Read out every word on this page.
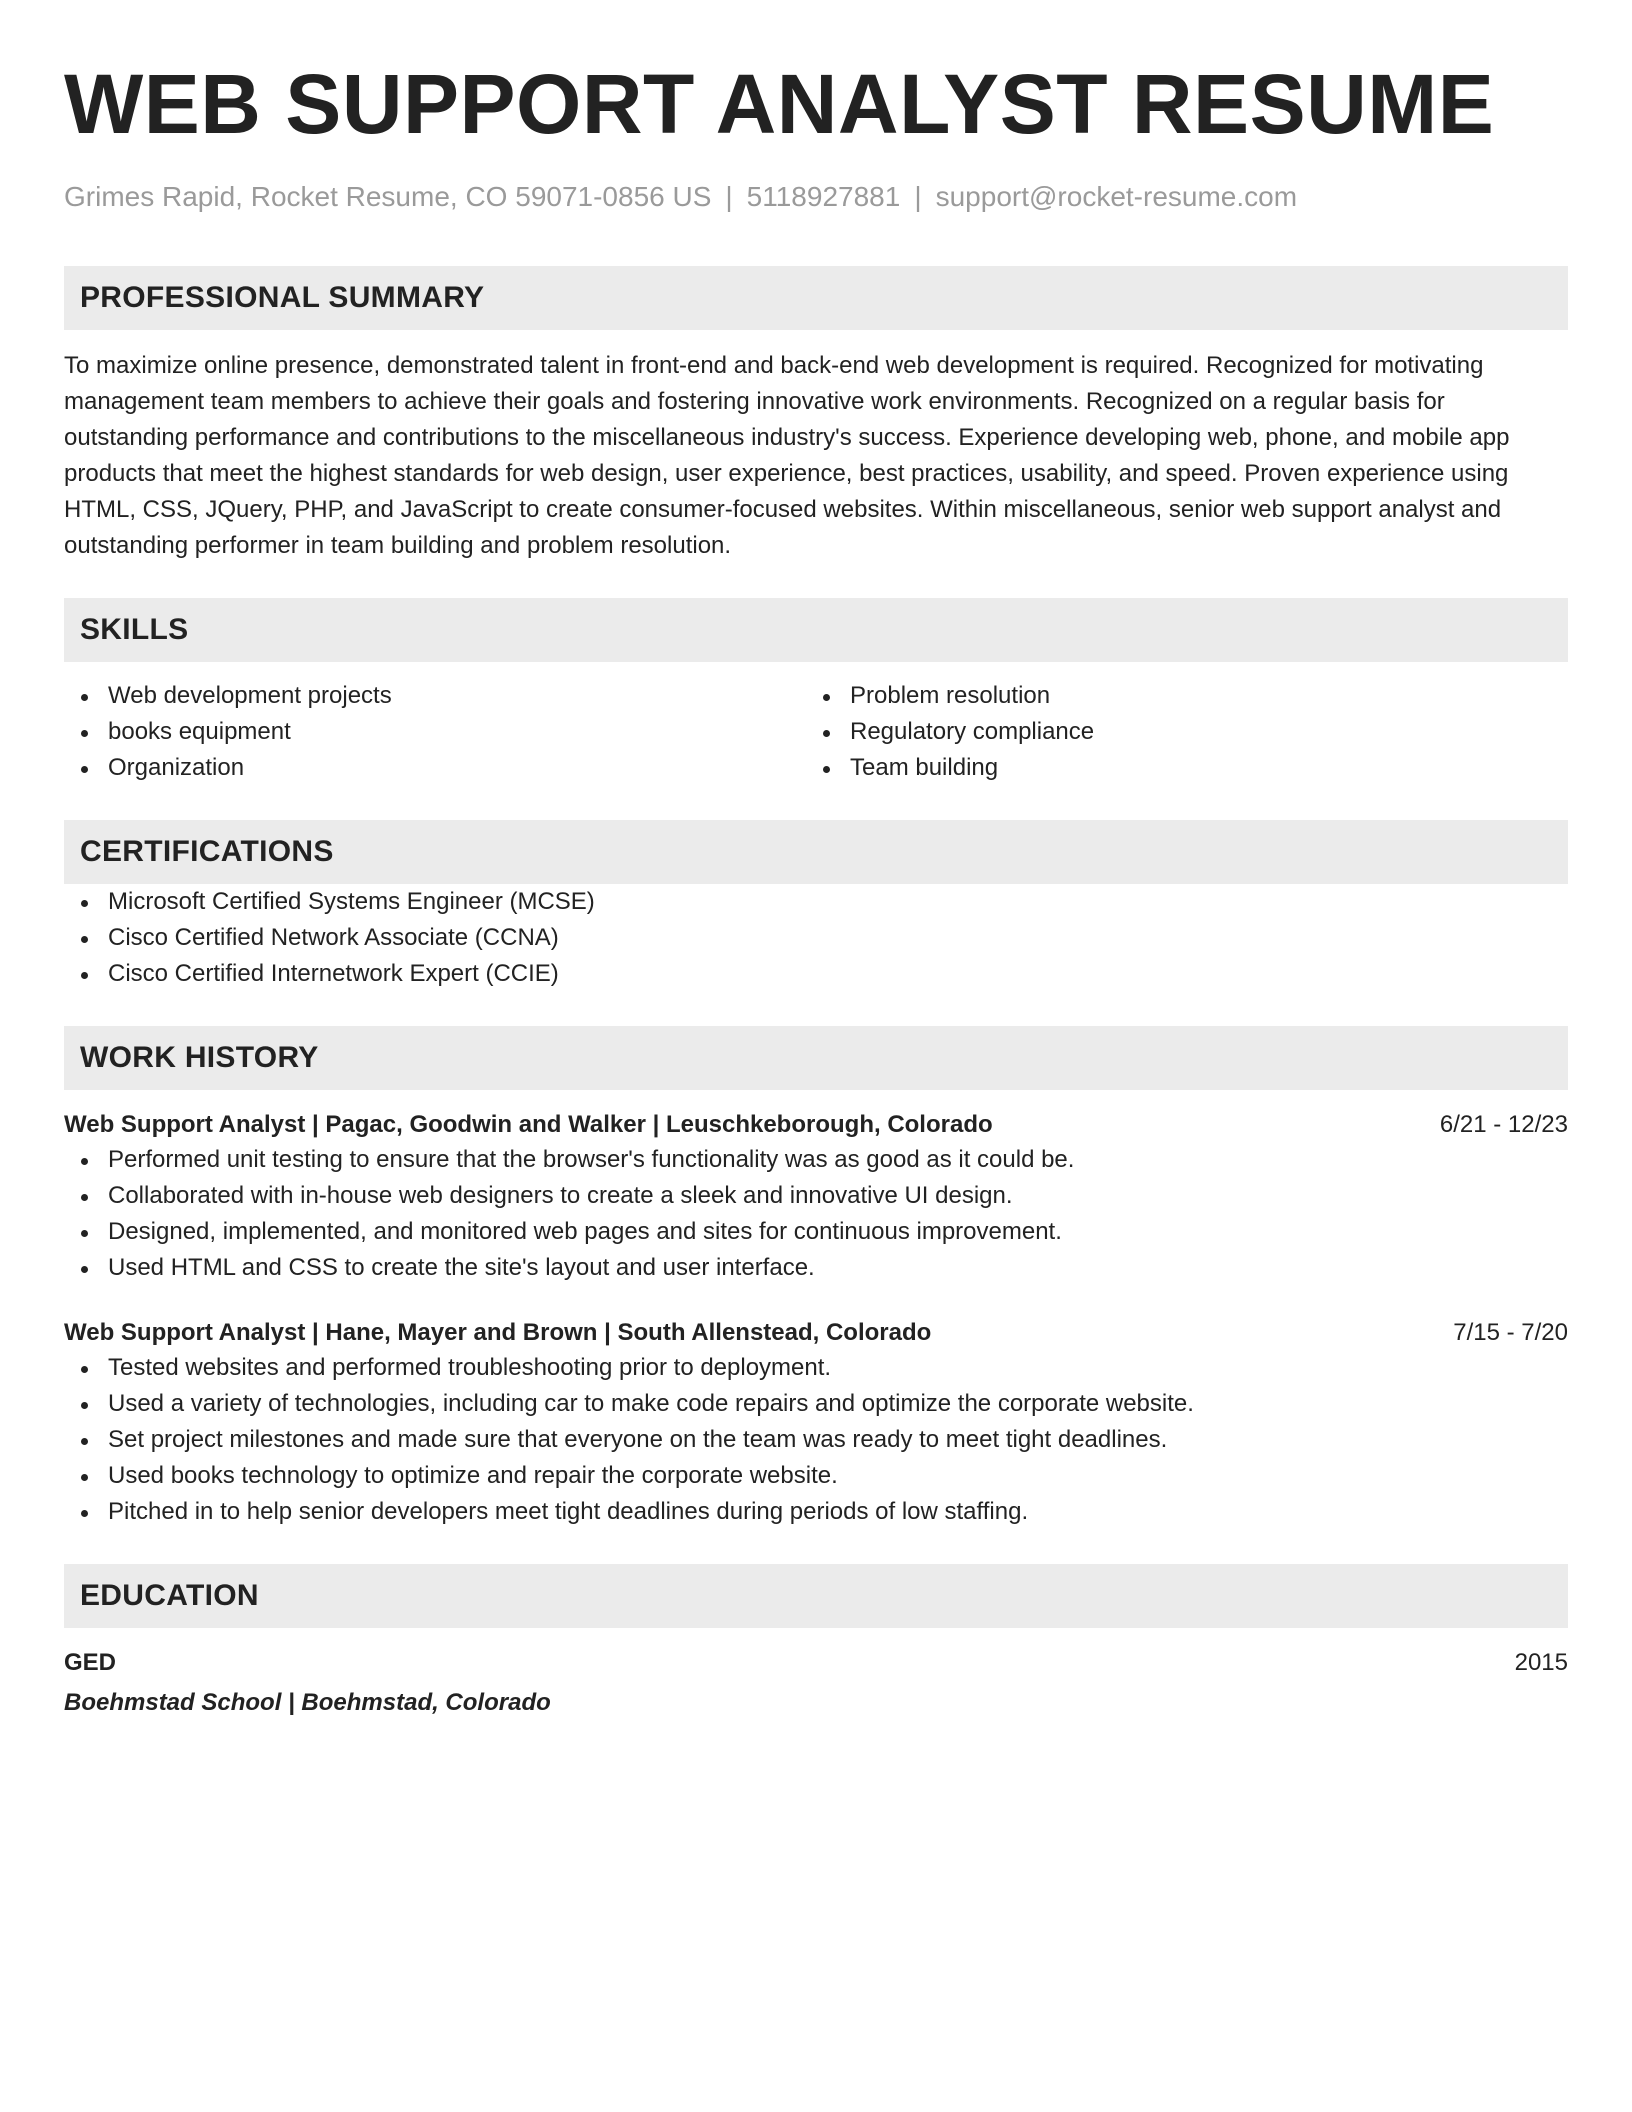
WEB SUPPORT ANALYST RESUME
Grimes Rapid, Rocket Resume, CO 59071-0856 US | 5118927881 | support@rocket-resume.com
PROFESSIONAL SUMMARY

To maximize online presence, demonstrated talent in front-end and back-end web development is required. Recognized for motivating management team members to achieve their goals and fostering innovative work environments. Recognized on a regular basis for outstanding performance and contributions to the miscellaneous industry's success. Experience developing web, phone, and mobile app products that meet the highest standards for web design, user experience, best practices, usability, and speed. Proven experience using HTML, CSS, JQuery, PHP, and JavaScript to create consumer-focused websites. Within miscellaneous, senior web support analyst and outstanding performer in team building and problem resolution.

SKILLS
Web development projects
books equipment
Organization
Problem resolution
Regulatory compliance
Team building
CERTIFICATIONS
Microsoft Certified Systems Engineer (MCSE)
Cisco Certified Network Associate (CCNA)
Cisco Certified Internetwork Expert (CCIE)
WORK HISTORY
Web Support Analyst | Pagac, Goodwin and Walker | Leuschkeborough, Colorado	6/21 - 12/23
Performed unit testing to ensure that the browser's functionality was as good as it could be.
Collaborated with in-house web designers to create a sleek and innovative UI design.
Designed, implemented, and monitored web pages and sites for continuous improvement.
Used HTML and CSS to create the site's layout and user interface.
Web Support Analyst | Hane, Mayer and Brown | South Allenstead, Colorado	7/15 - 7/20
Tested websites and performed troubleshooting prior to deployment.
Used a variety of technologies, including car to make code repairs and optimize the corporate website.
Set project milestones and made sure that everyone on the team was ready to meet tight deadlines.
Used books technology to optimize and repair the corporate website.
Pitched in to help senior developers meet tight deadlines during periods of low staffing.
EDUCATION
GED	2015
Boehmstad School | Boehmstad, Colorado
